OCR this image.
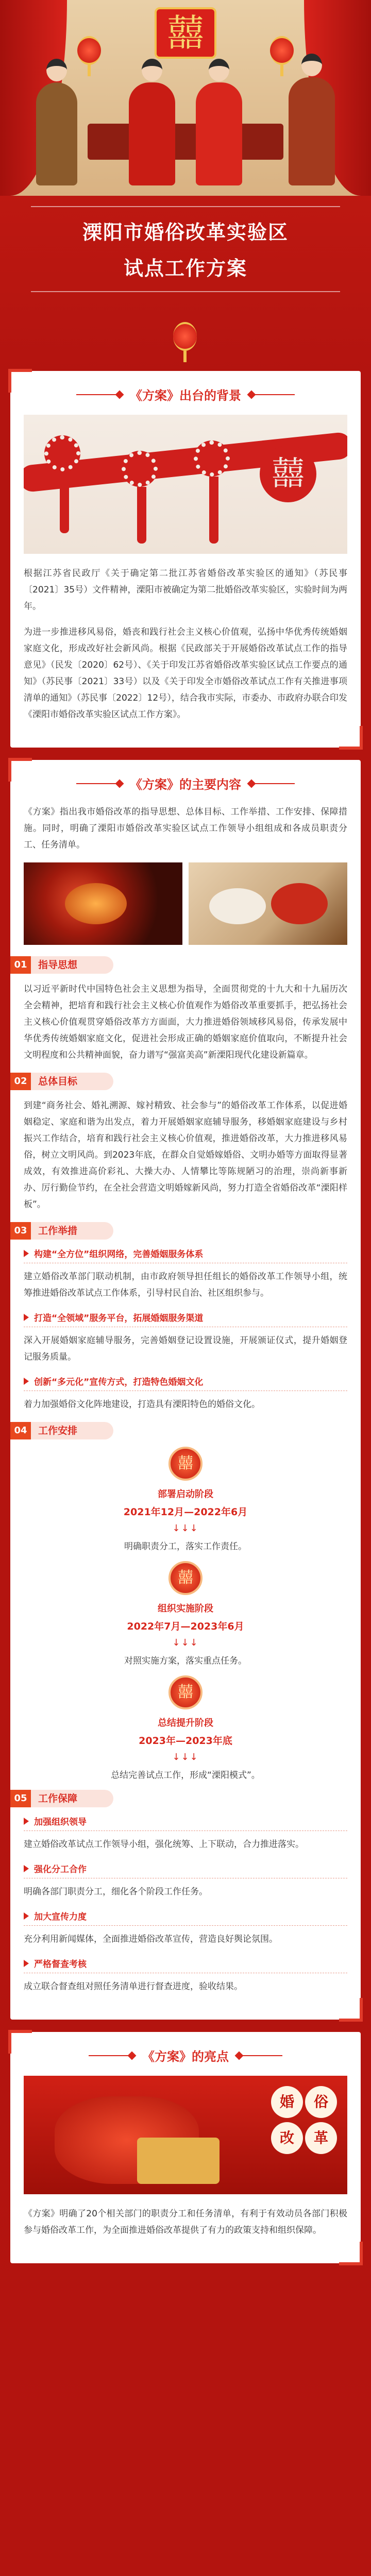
囍
溧阳市婚俗改革实验区
试点工作方案
《方案》出台的背景
囍

根据江苏省民政厅《关于确定第二批江苏省婚俗改革实验区的通知》（苏民事〔2021〕35号）文件精神，溧阳市被确定为第二批婚俗改革实验区，实验时间为两年。

为进一步推进移风易俗，婚丧和践行社会主义核心价值观，弘扬中华优秀传统婚姻家庭文化，形成改好社会新风尚。根据《民政部关于开展婚俗改革试点工作的指导意见》（民发〔2020〕62号）、《关于印发江苏省婚俗改革实验区试点工作要点的通知》（苏民事〔2021〕33号）以及《关于印发全市婚俗改革试点工作有关推进事项清单的通知》（苏民事〔2022〕12号），结合我市实际，市委办、市政府办联合印发《溧阳市婚俗改革实验区试点工作方案》。

《方案》的主要内容

《方案》指出我市婚俗改革的指导思想、总体目标、工作举措、工作安排、保障措施。同时，明确了溧阳市婚俗改革实验区试点工作领导小组组成和各成员职责分工、任务清单。

01	指导思想

以习近平新时代中国特色社会主义思想为指导，全面贯彻党的十九大和十九届历次全会精神，把培育和践行社会主义核心价值观作为婚俗改革重要抓手，把弘扬社会主义核心价值观贯穿婚俗改革方方面面，大力推进婚俗领域移风易俗，传承发展中华优秀传统婚姻家庭文化，促进社会形成正确的婚姻家庭价值取向，不断提升社会文明程度和公共精神面貌，奋力谱写“强富美高”新溧阳现代化建设新篇章。

02	总体目标

到建“商务社会、婚礼溯源、嫁衬精致、社会参与”的婚俗改革工作体系，以促进婚姻稳定、家庭和谐为出发点，着力开展婚姻家庭辅导服务，移婚姻家庭建设与乡村振兴工作结合，培育和践行社会主义核心价值观，推进婚俗改革，大力推进移风易俗，树立文明风尚。到2023年底，在群众自觉婚嫁婚俗、文明办婚等方面取得显著成效，有效推进高价彩礼、大操大办、人情攀比等陈规陋习的治理，崇尚新事新办、厉行勤俭节约，在全社会营造文明婚嫁新风尚，努力打造全省婚俗改革“溧阳样板”。

03	工作举措
构建“全方位”组织网络，完善婚姻服务体系

建立婚俗改革部门联动机制，由市政府领导担任组长的婚俗改革工作领导小组，统筹推进婚俗改革试点工作体系，引导村民自治、社区组织参与。

打造“全领域”服务平台，拓展婚姻服务渠道

深入开展婚姻家庭辅导服务，完善婚姻登记设置设施，开展颁证仪式，提升婚姻登记服务质量。

创新“多元化”宣传方式，打造特色婚姻文化

着力加强婚俗文化阵地建设，打造具有溧阳特色的婚俗文化。

04	工作安排
囍
部署启动阶段
2021年12月—2022年6月
↓↓↓
明确职责分工，落实工作责任。
囍
组织实施阶段
2022年7月—2023年6月
↓↓↓
对照实施方案，落实重点任务。
囍
总结提升阶段
2023年—2023年底
↓↓↓
总结完善试点工作，形成“溧阳模式”。
05	工作保障
加强组织领导

建立婚俗改革试点工作领导小组，强化统筹、上下联动，合力推进落实。

强化分工合作

明确各部门职责分工，细化各个阶段工作任务。

加大宣传力度

充分利用新闻媒体，全面推进婚俗改革宣传，营造良好舆论氛围。

严格督查考核

成立联合督查组对照任务清单进行督查进度，验收结果。

《方案》的亮点
婚	俗
改	革

《方案》明确了20个相关部门的职责分工和任务清单，有利于有效动员各部门积极参与婚俗改革工作，为全面推进婚俗改革提供了有力的政策支持和组织保障。
